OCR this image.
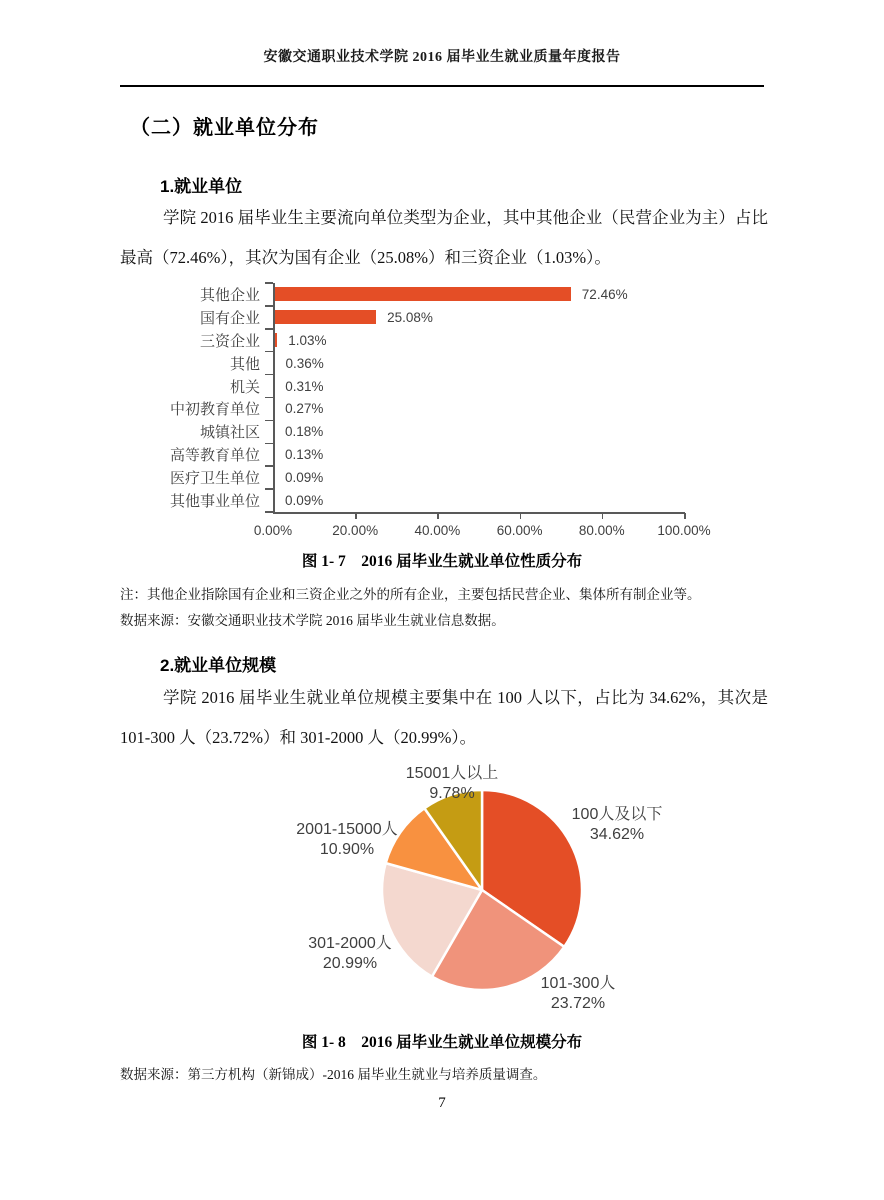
安徽交通职业技术学院 2016 届毕业生就业质量年度报告
（二）就业单位分布
1.就业单位
学院 2016 届毕业生主要流向单位类型为企业，其中其他企业（民营企业为主）占比最高（72.46%），其次为国有企业（25.08%）和三资企业（1.03%）。
其他企业	72.46%
国有企业	25.08%
三资企业 1.03%
其他 0.36%
机关 0.31%
中初教育单位 0.27%
城镇社区 0.18%
高等教育单位 0.13%
医疗卫生单位 0.09%
其他事业单位 0.09%
0.00%	20.00%	40.00%	60.00%	80.00% 100.00%
图 1- 7　2016 届毕业生就业单位性质分布
注：其他企业指除国有企业和三资企业之外的所有企业，主要包括民营企业、集体所有制企业等。
数据来源：安徽交通职业技术学院 2016 届毕业生就业信息数据。
2.就业单位规模
学院 2016 届毕业生就业单位规模主要集中在 100 人以下，占比为 34.62%，其次是 101-300 人（23.72%）和 301-2000 人（20.99%）。
100人及以下
34.62%
101-300人
23.72%
301-2000人
20.99%
2001-15000人
10.90%
15001人以上
9.78%
图 1- 8　2016 届毕业生就业单位规模分布
数据来源：第三方机构（新锦成）-2016 届毕业生就业与培养质量调查。
7
